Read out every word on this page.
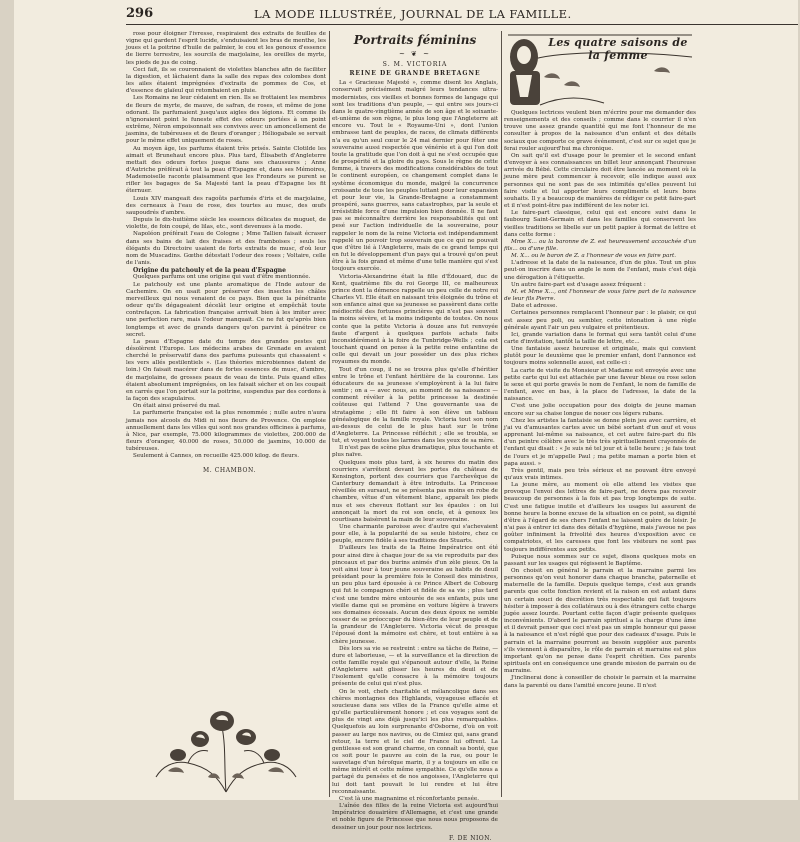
296	LA MODE ILLUSTRÉE, JOURNAL DE LA FAMILLE.

rose pour éloigner l'ivresse, respiraient des extraits de feuilles de vigne qui gardent l'esprit lucide, s'enduisaient les bras de menthe, les joues et la poitrine d'huile de palmier, le cou et les genoux d'essence de lierre terrestre, les sourcils de marjolaine, les oreilles de myrte, les pieds de jus de coing.

Ceci fait, ils se couronnaient de violettes blanches afin de faciliter la digestion, et lâchaient dans la salle des repas des colombes dont les ailes étaient imprégnées d'extraits de pommes de Cos, et d'essence de glaïeul qui retombaient en pluie.

Les Romains ne leur cédaient en rien. Ils se frottaient les membres de fleurs de myrte, de mauve, de safran, de roses, et même de jone odorant. Ils parfumaient jusqu'aux aigles des légions. Et comme ils n'ignoraient point le funeste effet des odeurs portées à un point extrême, Néron empoisonnait ses convives avec un amoncellement de jasmins, de tubéreuses et de fleurs d'oranger ; Héliogabale se servait pour le même effet uniquement de roses.

Au moyen âge, les parfums étaient très prisés. Sainte Clotilde les aimait et Brunehaut encore plus. Plus tard, Élisabeth d'Angleterre mettait des odeurs fortes jusque dans ses chaussures ; Anne d'Autriche préférait à tout la peau d'Espagne et, dans ses Mémoires, Mademoiselle raconte plaisamment que les Frondeurs se purent se rifler les bagages de Sa Majesté tant la peau d'Espagne les fit éternuer.

Louis XIV mangeait des ragoûts parfumés d'iris et de marjolaine, des cerneaux à l'eau de rose, des tourtes au musc, des œufs saupoudrés d'ambre.

Depuis le dix-huitième siècle les essences délicates de muguet, de violette, de foin coupé, de lilas, etc., sont devenues à la mode.

Napoléon préférait l'eau de Cologne ; Mme Tallien faisait écraser dans ses bains de lait des fraises et des framboises ; seuls les élégants du Directoire usaient de forts extraits de musc, d'où leur nom de Muscadins. Gœthe détestait l'odeur des roses ; Voltaire, celle de l'anis.

Origine du patchouly et de la peau d'Espagne

Quelques parfums ont une origine qui vaut d'être mentionnée.

Le patchouly est une plante aromatique de l'Inde autour de Cachemire. On en usait pour préserver des insectes les châles merveilleux qui nous venaient de ce pays. Bien que la pénétrante odeur qu'ils dégageaient décelât leur origine et empêchât toute contrefaçon. La fabrication française arrivait bien à les imiter avec une perfection rare, mais l'odeur manquait. Ce ne fut qu'après bien longtemps et avec de grands dangers qu'on parvint à pénétrer ce secret.

La peau d'Espagne date du temps des grandes pestes qui désolèrent l'Europe. Les médecins arabes de Grenade en avaient cherché le préservatif dans des parfums puissants qui chassaient « les vers allés pestilentiels ». (Les théories microbiennes datent de loin.) On faisait macérer dans de fortes essences de musc, d'ambre, de marjolaine, de grosses peaux de veau de tinte. Puis quand elles étaient absolument imprégnées, on les faisait sécher et on les coupait en carrés que l'on portait sur la poitrine, suspendus par des cordons à la façon des scapulaires.

On était ainsi préservé du mal.

La parfumerie française est la plus renommée ; nulle autre n'aura jamais nos alcools du Midi ni nos fleurs de Provence. On emploie annuellement dans les villes qui sont nos grandes officines à parfums, à Nice, par exemple, 75.000 kilogrammes de violettes, 200.000 de fleurs d'oranger, 40.000 de roses, 50.000 de jasmins, 10.000 de tubéreuses.

Seulement à Cannes, on recueille 425.000 kilog. de fleurs.

M. CHAMBON.

Portraits féminins
~ ❦ ~
S. M. VICTORIA
REINE DE GRANDE BRETAGNE

La « Gracieuse Majesté », comme disent les Anglais, conservait précisément malgré leurs tendances ultra-modernistes, ces vieilles et bonnes formes de langage qui sont les traditions d'un peuple, — qui entre ses jours-ci dans le quatre-vingtième année de son âge et le soixante-et-unième de son règne, le plus long que l'Angleterre ait encore vu. Tout le « Royaume-Uni », dont l'union embrasse tant de peuples, de races, de climats différents n'a eu qu'un seul cœur le 24 mai dernier pour fêter une souveraine aussi respectée que vénérée et à qui l'on doit toute la gratitude que l'on doit à qui ne s'est occupée que de prospérité et la gloire du pays. Sous le règne de cette femme, à travers des modifications considérables de tout le continent européen, ce changement complet dans le système économique du monde, malgré la concurrence croissante de tous les peuples luttant pour leur expansion et pour leur vie, la Grande-Bretagne a constamment prospéré, sans guerres, sans catastrophes, par la seule et irrésistible force d'une impulsion bien donnée. Il ne faut pas se méconnaître derrière les responsabilités qui ont pesé sur l'action individuelle de la souveraine, pour rappeler le nom de la reine Victoria est indépendamment rappelé un pouvoir trop souverain que ce qui ne pouvait que d'être lié à l'Angleterre, mais de ce grand temps qui en fut le développement d'un pays qui a trouvé qu'on peut être à la fois grand et même d'une telle manière qui s'est toujours exercée.

Victoria-Alexandrine était la fille d'Édouard, duc de Kent, quatrième fils du roi George III, ce malheureux prince dont la démence rappelle un peu celle de notre roi Charles VI. Elle était en naissant très éloignée du trône et son enfance ainsi que sa jeunesse se passèrent dans cette médiocrité des fortunes princières qui n'est pas souvent la moins sévère, et la moins indigente de toutes. On nous conte que la petite Victoria à douze ans fut renvoyée faute d'argent à quelques parfois achats faits inconsidérément à la foire de Tunbridge-Wells ; cela est touchant quand on pense à la petite reine enfantine de celle qui devait un jour posséder un des plus riches royaumes du monde.

Tout d'un coup, il ne se trouva plus qu'elle d'héritier entre le trône et l'enfant héritière de la couronne. Les éducateurs de sa jeunesse s'employèrent à la lui faire sentir ; on a — avec nous, au moment de sa naissance — comment révéler à la petite princesse la destinée coûteuse qui l'attend ? Une gouvernante usa de stratagème ; elle fit faire à son élève un tableau généalogique de la famille royale. Victoria tout son nom au-dessus de celui de le plus haut sur le trône d'Angleterre. La Princesse réfléchit ; elle se troubla, se tut, et voyant toutes les larmes dans les yeux de sa mère.

Il n'est pas de scène plus dramatique, plus touchante et plus naïve.

Quelques mois plus tard, à six heures du matin des courriers s'arrêtent devant les portes du château de Kensington, portent des courriers que l'archevêque de Canterbury demandait à être introduits. La Princesse réveillée en sursaut, ne se présenta pas moins en robe de chambre, vêtue d'un vêtement blanc, apparaît les pieds nus et ses cheveux flottant sur les épaules : on lui annonçait la mort du roi son oncle, et à genoux les courtisans baisèrent la main de leur souveraine.

Une charmante paroisse avec d'autre qui s'achevaient pour elle, à la popularité de sa seule histoire, chez ce peuple, encore fidèle à ses traditions des Stuarts.

D'ailleurs les traits de la Reine Impératrice ont été pour ainsi dire à chaque jour de sa vie reproduits par des pinceaux et par des burins animés d'un zèle pieux. On la voit ainsi tour à tour jeune souveraine au habits de deuil présidant pour la première fois le Conseil des ministres, un peu plus tard épousée à ce Prince Albert de Cobourg qui fut le compagnon chéri et fidèle de sa vie ; plus tard c'est une tendre mère entourée de ses enfants, puis une vieille dame qui se promène en voiture légère à travers ses domaines écossais. Aucun des deux époux ne semble cesser de se préoccuper du bien-être de leur peuple et de la grandeur de l'Angleterre. Victoria vécut de presque l'épousé dont la mémoire est chère, et tout entière à sa chère jeunesse.

Dès lors sa vie se restreint : entre sa tâche de Reine, — dure et laborieuse, — et la surveillance et la direction de cette famille royale qui s'épanouit autour d'elle, la Reine d'Angleterre sait glisser les heures du deuil et de l'isolement qu'elle consacre à la mémoire toujours présente de celui qui n'est plus.

On le voit, chefs charitable et mélancolique dans ses chères montagnes des Highlands, voyageuse effacée et soucieuse dans ses villes de la France qu'elle aime et qu'elle particulièrement honore ; et ces voyages sont de plus de vingt ans déjà jusqu'ici les plus remarquables. Quelquefois au loin surprenante d'Osborne, d'où on voit passer au large nos navires, ou de Cimiez qui, sans grand retour, la terre et le ciel de France lui offrent. La gentilesse est son grand charme, on connaît sa bonté, que ce soit pour le pauvre au coin de la rue, ou pour le sauvetage d'un héroïque marin, il y a toujours en elle ce même intérêt et cette même sympathie. Ce qu'elle nous a partagé du pensées et de nos angoisses, l'Angleterre qui lui doit tant pouvait le lui rendre et lui être reconnaissante.

C'est là une magnanime et réconfortante pensée.

L'aînée des filles de la reine Victoria est aujourd'hui Impératrice douairière d'Allemagne, et c'est une grande et noble figure de Princesse que nous nous proposons de dessiner un jour pour nos lectrices.

F. DE NION.

Les quatre saisons de la femme

Quelques lectrices veulent bien m'écrire pour me demander des renseignements et des conseils ; comme dans le courrier il n'en trouve une assez grande quantité qui me font l'honneur de me consulter à propos de la naissance d'un enfant et des détails sociaux que comporte ce grave événement, c'est sur ce sujet que je ferai rouler aujourd'hui ma chronique.

On sait qu'il est d'usage pour le premier et le second enfant d'envoyer à ses connaissances un billet leur annonçant l'heureuse arrivée du Bébé. Cette circulaire doit être lancée au moment où la jeune mère peut commencer à recevoir, elle indique aussi aux personnes qui ne sont pas de ses intimités qu'elles peuvent lui faire visite et lui apporter leurs compliments et leurs bons souhaits. Il y a beaucoup de manières de rédiger ce petit faire-part et il n'est point-être pas indifférent de les noter ici.

Le faire-part classique, celui qui est encore suivi dans le faubourg Saint-Germain et dans les familles qui conservent les vieilles traditions se libelle sur un petit papier à format de lettre et dans cette forme :

Mme X... ou la baronne de Z. est heureusement accouchée d'un fils... ou d'une fille.

M. X... ou le baron de Z. a l'honneur de vous en faire part.

L'adresse et la date de la naissance, d'un de plus. Tout un plus peut-on inscrire dans un angle le nom de l'enfant, mais c'est déjà une dérogation à l'étiquette.

Un autre faire-part est d'usage assez fréquent :

M. et Mme X..., ont l'honneur de vous faire part de la naissance de leur fils Pierre.

Date et adresse.

Certaines personnes remplacent l'honneur par : le plaisir, ce qui est assez peu poli, ou sembler, cette intonation à une règle générale ayant l'air un peu vulgaire et prétentieux.

Ici, grande variation dans le format qui sera tantôt celui d'une carte d'invitation, tantôt la taille de lettre, etc...

Une fantaisie assez heureuse et originale, mais qui convient plutôt pour le deuxième que le premier enfant, dont l'annonce est toujours moins solennelle aussi, est celle-ci :

La carte de visite du Monsieur et Madame est envoyée avec une petite carte qui lui est attachée par une faveur bleue ou rose selon le sexe et qui porte gravés le nom de l'enfant, le nom de famille de l'enfant, avec en bas, à la place de l'adresse, la date de la naissance.

C'est une jolie occupation pour des doigts de jeune maman encore sur sa chaise longue de nouer ces légers rubans.

Chez les artistes la fantaisie se donne plein jeu avec carrière, et j'ai vu d'amusantes cartes avec un bébé sortant d'un œuf et vous apprenant lui-même sa naissance, et cet autre faire-part du fils d'un peintre célèbre avec le très très spirituellement crayonnés de l'enfant qui disait : « Je suis né tel jour et à telle heure ; je fais tout de l'ours et je m'appelle Paul ; ma petite maman a porte bien et papa aussi. »

Très gentil, mais peu très sérieux et ne pouvant être envoyé qu'aux vrais intimes.

La jeune mère, au moment où elle attend les visites que provoque l'envoi des lettres de faire-part, ne devra pas recevoir beaucoup de personnes à la fois et pas trop longtemps de suite. C'est une fatigue inutile et d'ailleurs les usages lui assurent de bonne heure la bonne excuse de la situation en ce point, sa dignité d'être à l'égard de ses chers l'enfant ne laissent guère de loisir. Je n'ai pas à entrer ici dans des détails d'hygiène, mais j'avoue ne pas goûter infiniment la frivolité des heures d'exposition avec ce compatriotes, et les caresses que font les visiteurs ne sont pas toujours indifférentes aux petits.

Puisque nous sommes sur ce sujet, disons quelques mots en passant sur les usages qui régissent le Baptême.

On choisit en général le parrain et la marraine parmi les personnes qu'on veut honorer dans chaque branche, paternelle et maternelle de la famille. Depuis quelque temps, c'est aux grands parents que cette fonction revient et la raison en est autant dans un certain souci de discrétion très respectable qui fait toujours hésiter à imposer à des collatéraux ou à des étrangers cette charge jugée assez lourde. Pourtant cette façon d'agir présente quelques inconvénients. D'abord le parrain spirituel a la charge d'une âme et il devrait penser que ceci n'est pas un simple honneur qui passe à la naissance et n'est réglé que pour des cadeaux d'usage. Puis le parrain et la marraine pourront au besoin suppléer aux parents s'ils viennent à disparaître, le rôle de parrain et marraine est plus important qu'on ne pense dans l'esprit chrétien. Ces parents spirituels ont en conséquence une grande mission de parrain ou de marraine.

J'inclinerai donc à conseiller de choisir le parrain et la marraine dans la parenté ou dans l'amitié encore jeune. Il n'est
